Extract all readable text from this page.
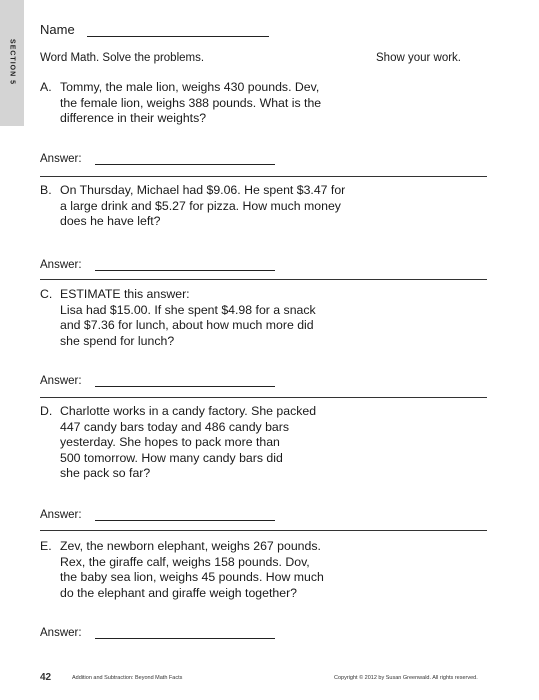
SECTION 5
Name
Word Math. Solve the problems.	Show your work.
A. Tommy, the male lion, weighs 430 pounds. Dev,
the female lion, weighs 388 pounds. What is the
difference in their weights?
Answer:
B. On Thursday, Michael had $9.06. He spent $3.47 for
a large drink and $5.27 for pizza. How much money
does he have left?
Answer:
C. ESTIMATE this answer:
Lisa had $15.00. If she spent $4.98 for a snack
and $7.36 for lunch, about how much more did
she spend for lunch?
Answer:
D. Charlotte works in a candy factory. She packed
447 candy bars today and 486 candy bars
yesterday. She hopes to pack more than
500 tomorrow. How many candy bars did
she pack so far?
Answer:
E. Zev, the newborn elephant, weighs 267 pounds.
Rex, the giraffe calf, weighs 158 pounds. Dov,
the baby sea lion, weighs 45 pounds. How much
do the elephant and giraffe weigh together?
Answer:
42	Addition and Subtraction: Beyond Math Facts	Copyright © 2012 by Susan Greenwald. All rights reserved.
